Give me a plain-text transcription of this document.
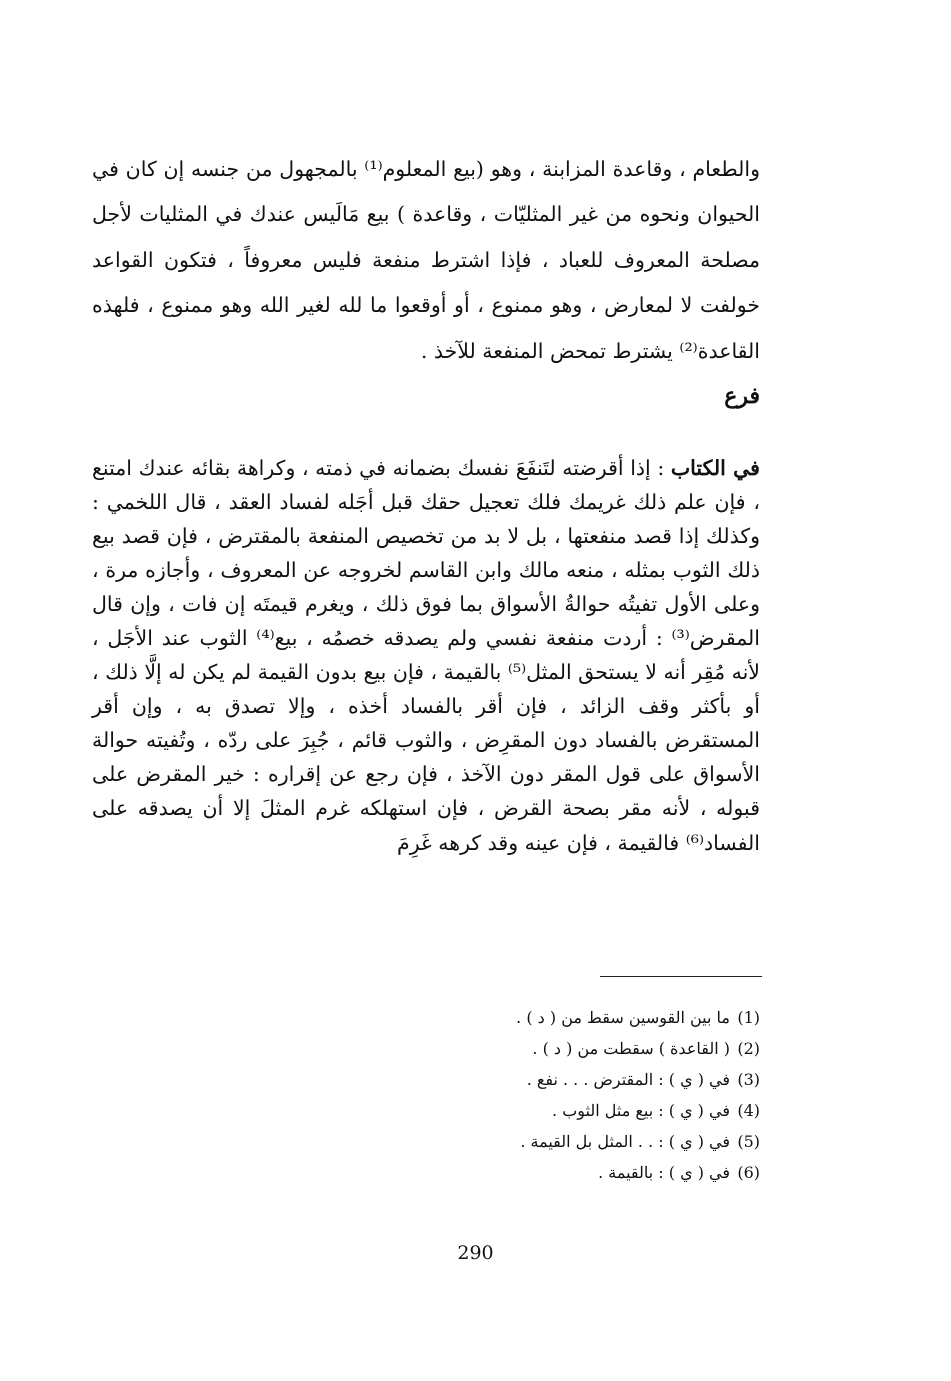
والطعام ، وقاعدة المزابنة ، وهو (بيع المعلوم⁽¹⁾ بالمجهول من جنسه إن كان في الحيوان ونحوه من غير المثليّات ، وقاعدة ) بيع مَالَيس عندك في المثليات لأجل مصلحة المعروف للعباد ، فإذا اشترط منفعة فليس معروفاً ، فتكون القواعد خولفت لا لمعارض ، وهو ممنوع ، أو أوقعوا ما لله لغير الله وهو ممنوع ، فلهذه القاعدة⁽²⁾ يشترط تمحض المنفعة للآخذ .

فرع

في الكتاب : إذا أقرضته لتَنفَعَ نفسك بضمانه في ذمته ، وكراهة بقائه عندك امتنع ، فإن علم ذلك غريمك فلك تعجيل حقك قبل أجَله لفساد العقد ، قال اللخمي : وكذلك إذا قصد منفعتها ، بل لا بد من تخصيص المنفعة بالمقترض ، فإن قصد بيع ذلك الثوب بمثله ، منعه مالك وابن القاسم لخروجه عن المعروف ، وأجازه مرة ، وعلى الأول تفيتُه حوالةُ الأسواق بما فوق ذلك ، ويغرم قيمتَه إن فات ، وإن قال المقرض⁽³⁾ : أردت منفعة نفسي ولم يصدقه خصمُه ، بيع⁽⁴⁾ الثوب عند الأجَل ، لأنه مُقِر أنه لا يستحق المثل⁽⁵⁾ بالقيمة ، فإن بيع بدون القيمة لم يكن له إلَّا ذلك ، أو بأكثر وقف الزائد ، فإن أقر بالفساد أخذه ، وإلا تصدق به ، وإن أقر المستقرض بالفساد دون المقرِض ، والثوب قائم ، جُبِرَ على ردّه ، وتُفيته حوالة الأسواق على قول المقر دون الآخذ ، فإن رجع عن إقراره : خير المقرض على قبوله ، لأنه مقر بصحة القرض ، فإن استهلكه غرم المثلَ إلا أن يصدقه على الفساد⁽⁶⁾ فالقيمة ، فإن عينه وقد كرهه غَرِمَ

(1)ما بين القوسين سقط من ( د ) .
(2)( القاعدة ) سقطت من ( د ) .
(3)في ( ي ) : المقترض . . . نفع .
(4)في ( ي ) : بيع مثل الثوب .
(5)في ( ي ) : . . المثل بل القيمة .
(6)في ( ي ) : بالقيمة .
290
